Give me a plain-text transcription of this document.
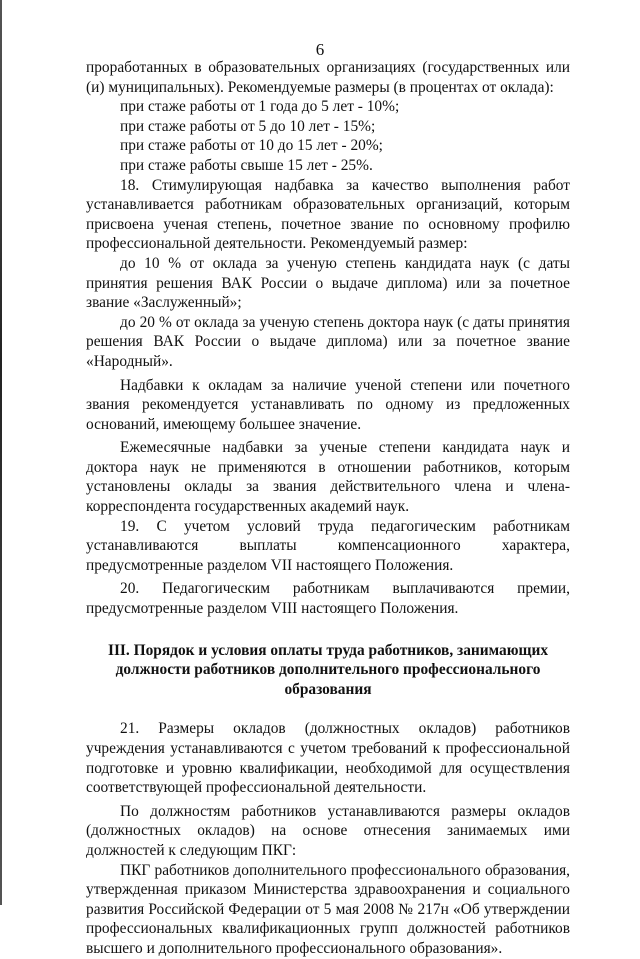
6

проработанных в образовательных организациях (государственных или (и) муниципальных). Рекомендуемые размеры (в процентах от оклада):

при стаже работы от 1 года до 5 лет - 10%;

при стаже работы от 5 до 10 лет - 15%;

при стаже работы от 10 до 15 лет - 20%;

при стаже работы свыше 15 лет - 25%.

18. Стимулирующая надбавка за качество выполнения работ устанавливается работникам образовательных организаций, которым присвоена ученая степень, почетное звание по основному профилю профессиональной деятельности. Рекомендуемый размер:

до 10 % от оклада за ученую степень кандидата наук (с даты принятия решения ВАК России о выдаче диплома) или за почетное звание «Заслуженный»;

до 20 % от оклада за ученую степень доктора наук (с даты принятия решения ВАК России о выдаче диплома) или за почетное звание «Народный».

Надбавки к окладам за наличие ученой степени или почетного звания рекомендуется устанавливать по одному из предложенных оснований, имеющему большее значение.

Ежемесячные надбавки за ученые степени кандидата наук и доктора наук не применяются в отношении работников, которым установлены оклады за звания действительного члена и члена-корреспондента государственных академий наук.

19. С учетом условий труда педагогическим работникам устанавливаются выплаты компенсационного характера, предусмотренные разделом VII настоящего Положения.

20. Педагогическим работникам выплачиваются премии, предусмотренные разделом VIII настоящего Положения.

III. Порядок и условия оплаты труда работников, занимающих должности работников дополнительного профессионального образования

21. Размеры окладов (должностных окладов) работников учреждения устанавливаются с учетом требований к профессиональной подготовке и уровню квалификации, необходимой для осуществления соответствующей профессиональной деятельности.

По должностям работников устанавливаются размеры окладов (должностных окладов) на основе отнесения занимаемых ими должностей к следующим ПКГ:

ПКГ работников дополнительного профессионального образования, утвержденная приказом Министерства здравоохранения и социального развития Российской Федерации от 5 мая 2008 № 217н «Об утверждении профессиональных квалификационных групп должностей работников высшего и дополнительного профессионального образования».
